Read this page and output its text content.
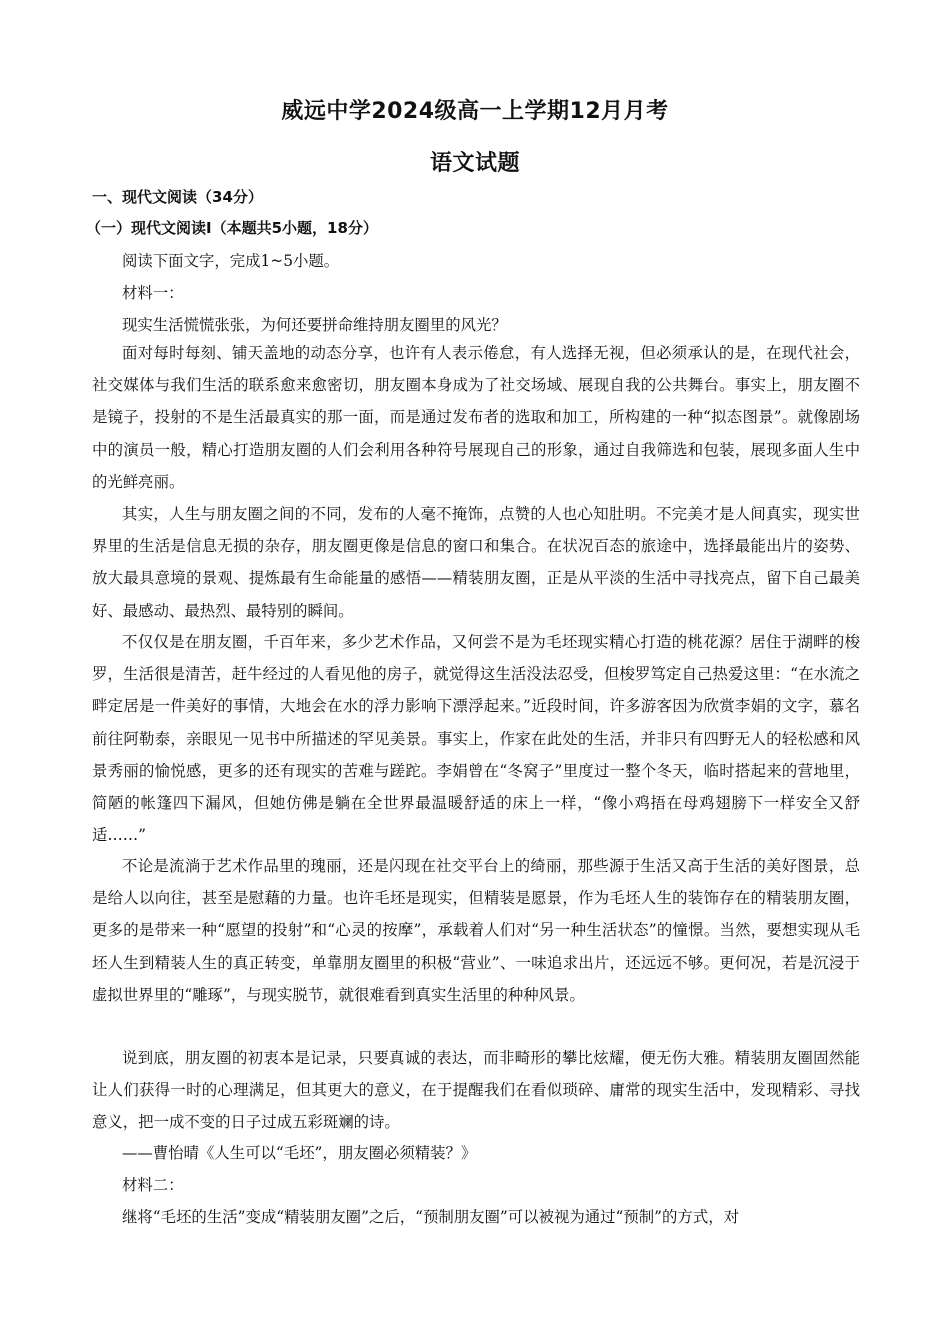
威远中学2024级高一上学期12月月考
语文试题
一、现代文阅读（34分）
（一）现代文阅读Ⅰ（本题共5小题，18分）
阅读下面文字，完成1~5小题。
材料一：
现实生活慌慌张张，为何还要拼命维持朋友圈里的风光？
面对每时每刻、铺天盖地的动态分享，也许有人表示倦怠，有人选择无视，但必须承认的是，在现代社会，社交媒体与我们生活的联系愈来愈密切，朋友圈本身成为了社交场域、展现自我的公共舞台。事实上，朋友圈不是镜子，投射的不是生活最真实的那一面，而是通过发布者的选取和加工，所构建的一种“拟态图景”。就像剧场中的演员一般，精心打造朋友圈的人们会利用各种符号展现自己的形象，通过自我筛选和包装，展现多面人生中的光鲜亮丽。
其实，人生与朋友圈之间的不同，发布的人毫不掩饰，点赞的人也心知肚明。不完美才是人间真实，现实世界里的生活是信息无损的杂存，朋友圈更像是信息的窗口和集合。在状况百态的旅途中，选择最能出片的姿势、放大最具意境的景观、提炼最有生命能量的感悟——精装朋友圈，正是从平淡的生活中寻找亮点，留下自己最美好、最感动、最热烈、最特别的瞬间。
不仅仅是在朋友圈，千百年来，多少艺术作品，又何尝不是为毛坯现实精心打造的桃花源？居住于湖畔的梭罗，生活很是清苦，赶牛经过的人看见他的房子，就觉得这生活没法忍受，但梭罗笃定自己热爱这里：“在水流之畔定居是一件美好的事情，大地会在水的浮力影响下漂浮起来。”近段时间，许多游客因为欣赏李娟的文字，慕名前往阿勒泰，亲眼见一见书中所描述的罕见美景。事实上，作家在此处的生活，并非只有四野无人的轻松感和风景秀丽的愉悦感，更多的还有现实的苦难与蹉跎。李娟曾在“冬窝子”里度过一整个冬天，临时搭起来的营地里，简陋的帐篷四下漏风，但她仿佛是躺在全世界最温暖舒适的床上一样，“像小鸡捂在母鸡翅膀下一样安全又舒适……”
不论是流淌于艺术作品里的瑰丽，还是闪现在社交平台上的绮丽，那些源于生活又高于生活的美好图景，总是给人以向往，甚至是慰藉的力量。也许毛坯是现实，但精装是愿景，作为毛坯人生的装饰存在的精装朋友圈，更多的是带来一种“愿望的投射”和“心灵的按摩”，承载着人们对“另一种生活状态”的憧憬。当然，要想实现从毛坯人生到精装人生的真正转变，单靠朋友圈里的积极“营业”、一味追求出片，还远远不够。更何况，若是沉浸于虚拟世界里的“雕琢”，与现实脱节，就很难看到真实生活里的种种风景。
说到底，朋友圈的初衷本是记录，只要真诚的表达，而非畸形的攀比炫耀，便无伤大雅。精装朋友圈固然能让人们获得一时的心理满足，但其更大的意义，在于提醒我们在看似琐碎、庸常的现实生活中，发现精彩、寻找意义，把一成不变的日子过成五彩斑斓的诗。
——曹怡晴《人生可以“毛坯”，朋友圈必须精装？》
材料二：
继将“毛坯的生活”变成“精装朋友圈”之后，“预制朋友圈”可以被视为通过“预制”的方式，对
